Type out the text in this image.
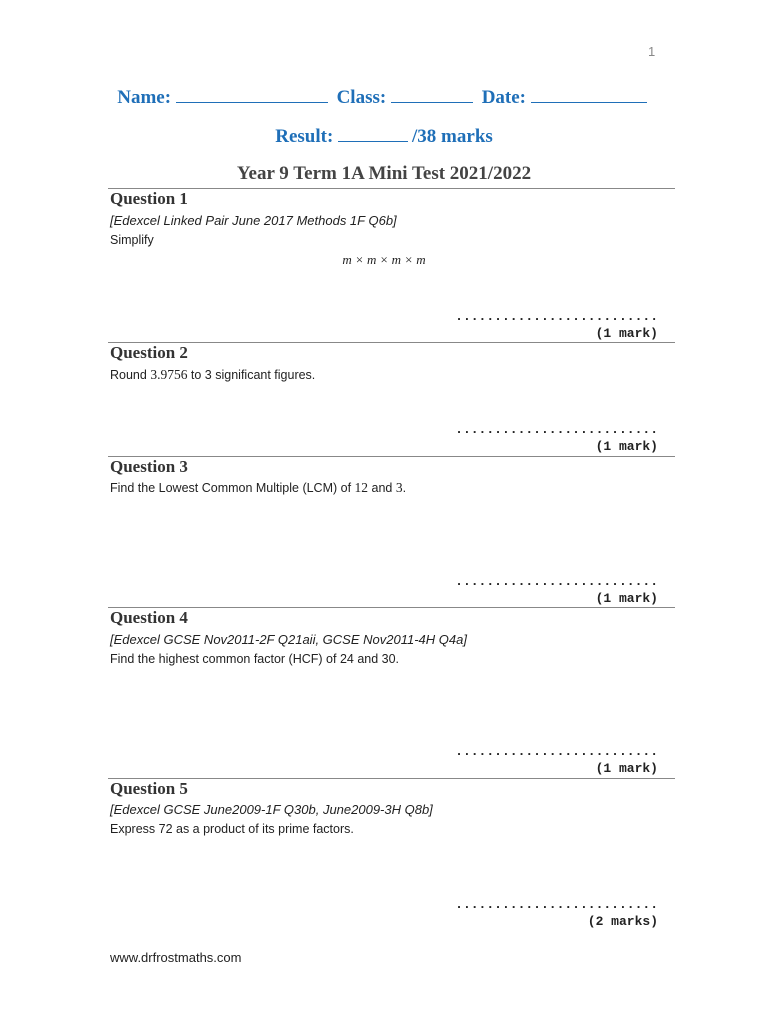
1
Name:	Class:	Date:
Result:	/38 marks
Year 9 Term 1A Mini Test 2021/2022
Question 1
[Edexcel Linked Pair June 2017 Methods 1F Q6b]
Simplify
m × m × m × m
..........................
(1 mark)
Question 2
Round 3.9756 to 3 significant figures.
..........................
(1 mark)
Question 3
Find the Lowest Common Multiple (LCM) of 12 and 3.
..........................
(1 mark)
Question 4
[Edexcel GCSE Nov2011-2F Q21aii, GCSE Nov2011-4H Q4a]
Find the highest common factor (HCF) of 24 and 30.
..........................
(1 mark)
Question 5
[Edexcel GCSE June2009-1F Q30b, June2009-3H Q8b]
Express 72 as a product of its prime factors.
..........................
(2 marks)
www.drfrostmaths.com
